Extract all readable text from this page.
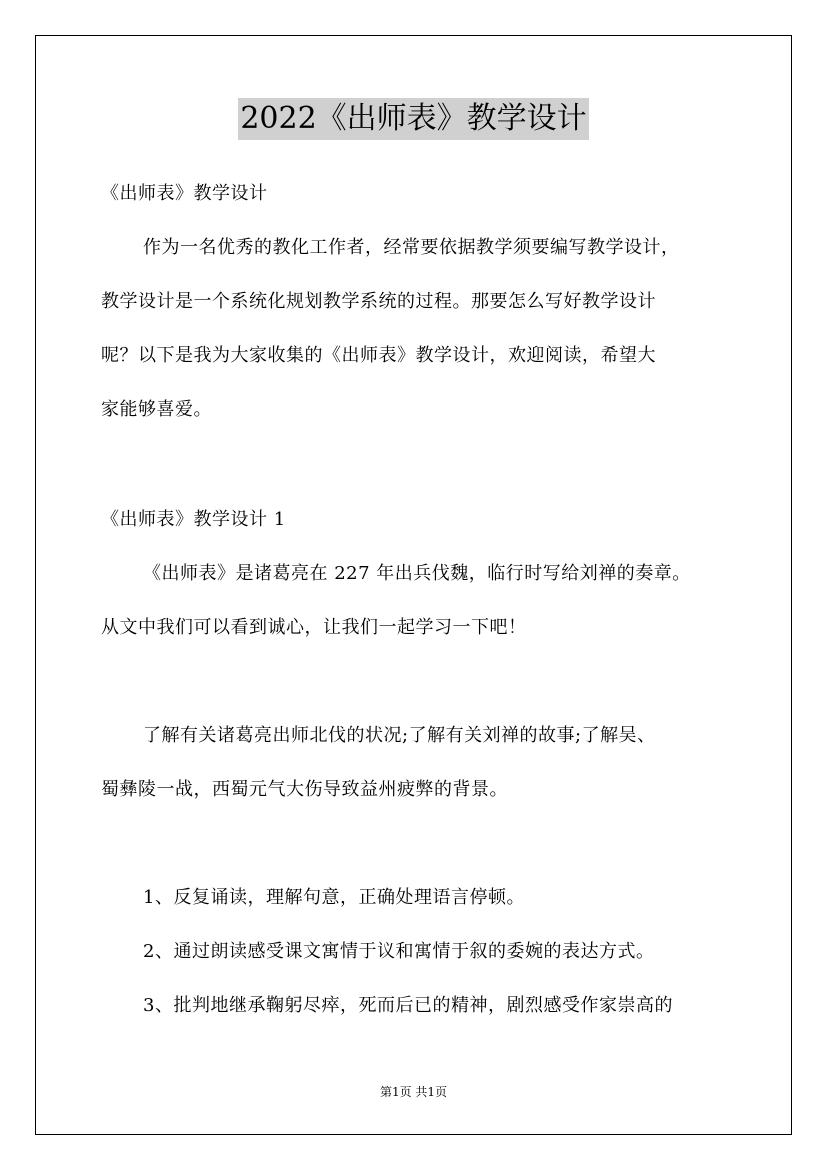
2022《出师表》教学设计
《出师表》教学设计
作为一名优秀的教化工作者，经常要依据教学须要编写教学设计，
教学设计是一个系统化规划教学系统的过程。那要怎么写好教学设计
呢？以下是我为大家收集的《出师表》教学设计，欢迎阅读，希望大
家能够喜爱。
《出师表》教学设计 1
《出师表》是诸葛亮在 227 年出兵伐魏，临行时写给刘禅的奏章。
从文中我们可以看到诚心，让我们一起学习一下吧！
了解有关诸葛亮出师北伐的状况;了解有关刘禅的故事;了解吴、
蜀彝陵一战，西蜀元气大伤导致益州疲弊的背景。
1、反复诵读，理解句意，正确处理语言停顿。
2、通过朗读感受课文寓情于议和寓情于叙的委婉的表达方式。
3、批判地继承鞠躬尽瘁，死而后已的精神，剧烈感受作家崇高的
第1页 共1页
